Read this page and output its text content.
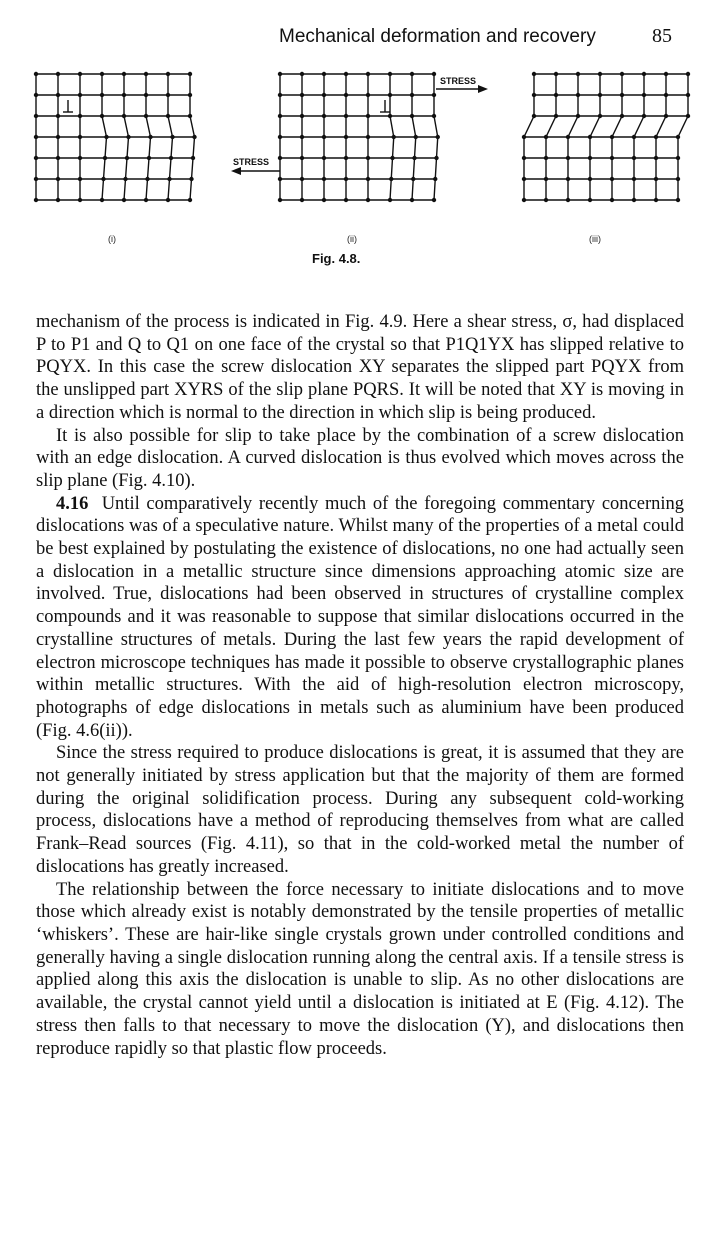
Mechanical deformation and recovery	85
STRESS
STRESS
(i)	(ii)	(iii)
Fig. 4.8.

mechanism of the process is indicated in Fig. 4.9. Here a shear stress, σ, had displaced P to P1 and Q to Q1 on one face of the crystal so that P1Q1YX has slipped relative to PQYX. In this case the screw dislocation XY separates the slipped part PQYX from the unslipped part XYRS of the slip plane PQRS. It will be noted that XY is moving in a direction which is normal to the direction in which slip is being produced.

It is also possible for slip to take place by the combination of a screw dislocation with an edge dislocation. A curved dislocation is thus evolved which moves across the slip plane (Fig. 4.10).

4.16 Until comparatively recently much of the foregoing commentary concerning dislocations was of a speculative nature. Whilst many of the properties of a metal could be best explained by postulating the existence of dislocations, no one had actually seen a dislocation in a metallic structure since dimensions approaching atomic size are involved. True, dislocations had been observed in structures of crystalline complex compounds and it was reasonable to suppose that similar dislocations occurred in the crystalline structures of metals. During the last few years the rapid development of electron microscope techniques has made it possible to observe crystallographic planes within metallic structures. With the aid of high-resolution electron microscopy, photographs of edge dislocations in metals such as aluminium have been produced (Fig. 4.6(ii)).

Since the stress required to produce dislocations is great, it is assumed that they are not generally initiated by stress application but that the majority of them are formed during the original solidification process. During any subsequent cold-working process, dislocations have a method of reproducing themselves from what are called Frank–Read sources (Fig. 4.11), so that in the cold-worked metal the number of dislocations has greatly increased.

The relationship between the force necessary to initiate dislocations and to move those which already exist is notably demonstrated by the tensile properties of metallic ‘whiskers’. These are hair-like single crystals grown under controlled conditions and generally having a single dislocation running along the central axis. If a tensile stress is applied along this axis the dislocation is unable to slip. As no other dislocations are available, the crystal cannot yield until a dislocation is initiated at E (Fig. 4.12). The stress then falls to that necessary to move the dislocation (Y), and dislocations then reproduce rapidly so that plastic flow proceeds.
